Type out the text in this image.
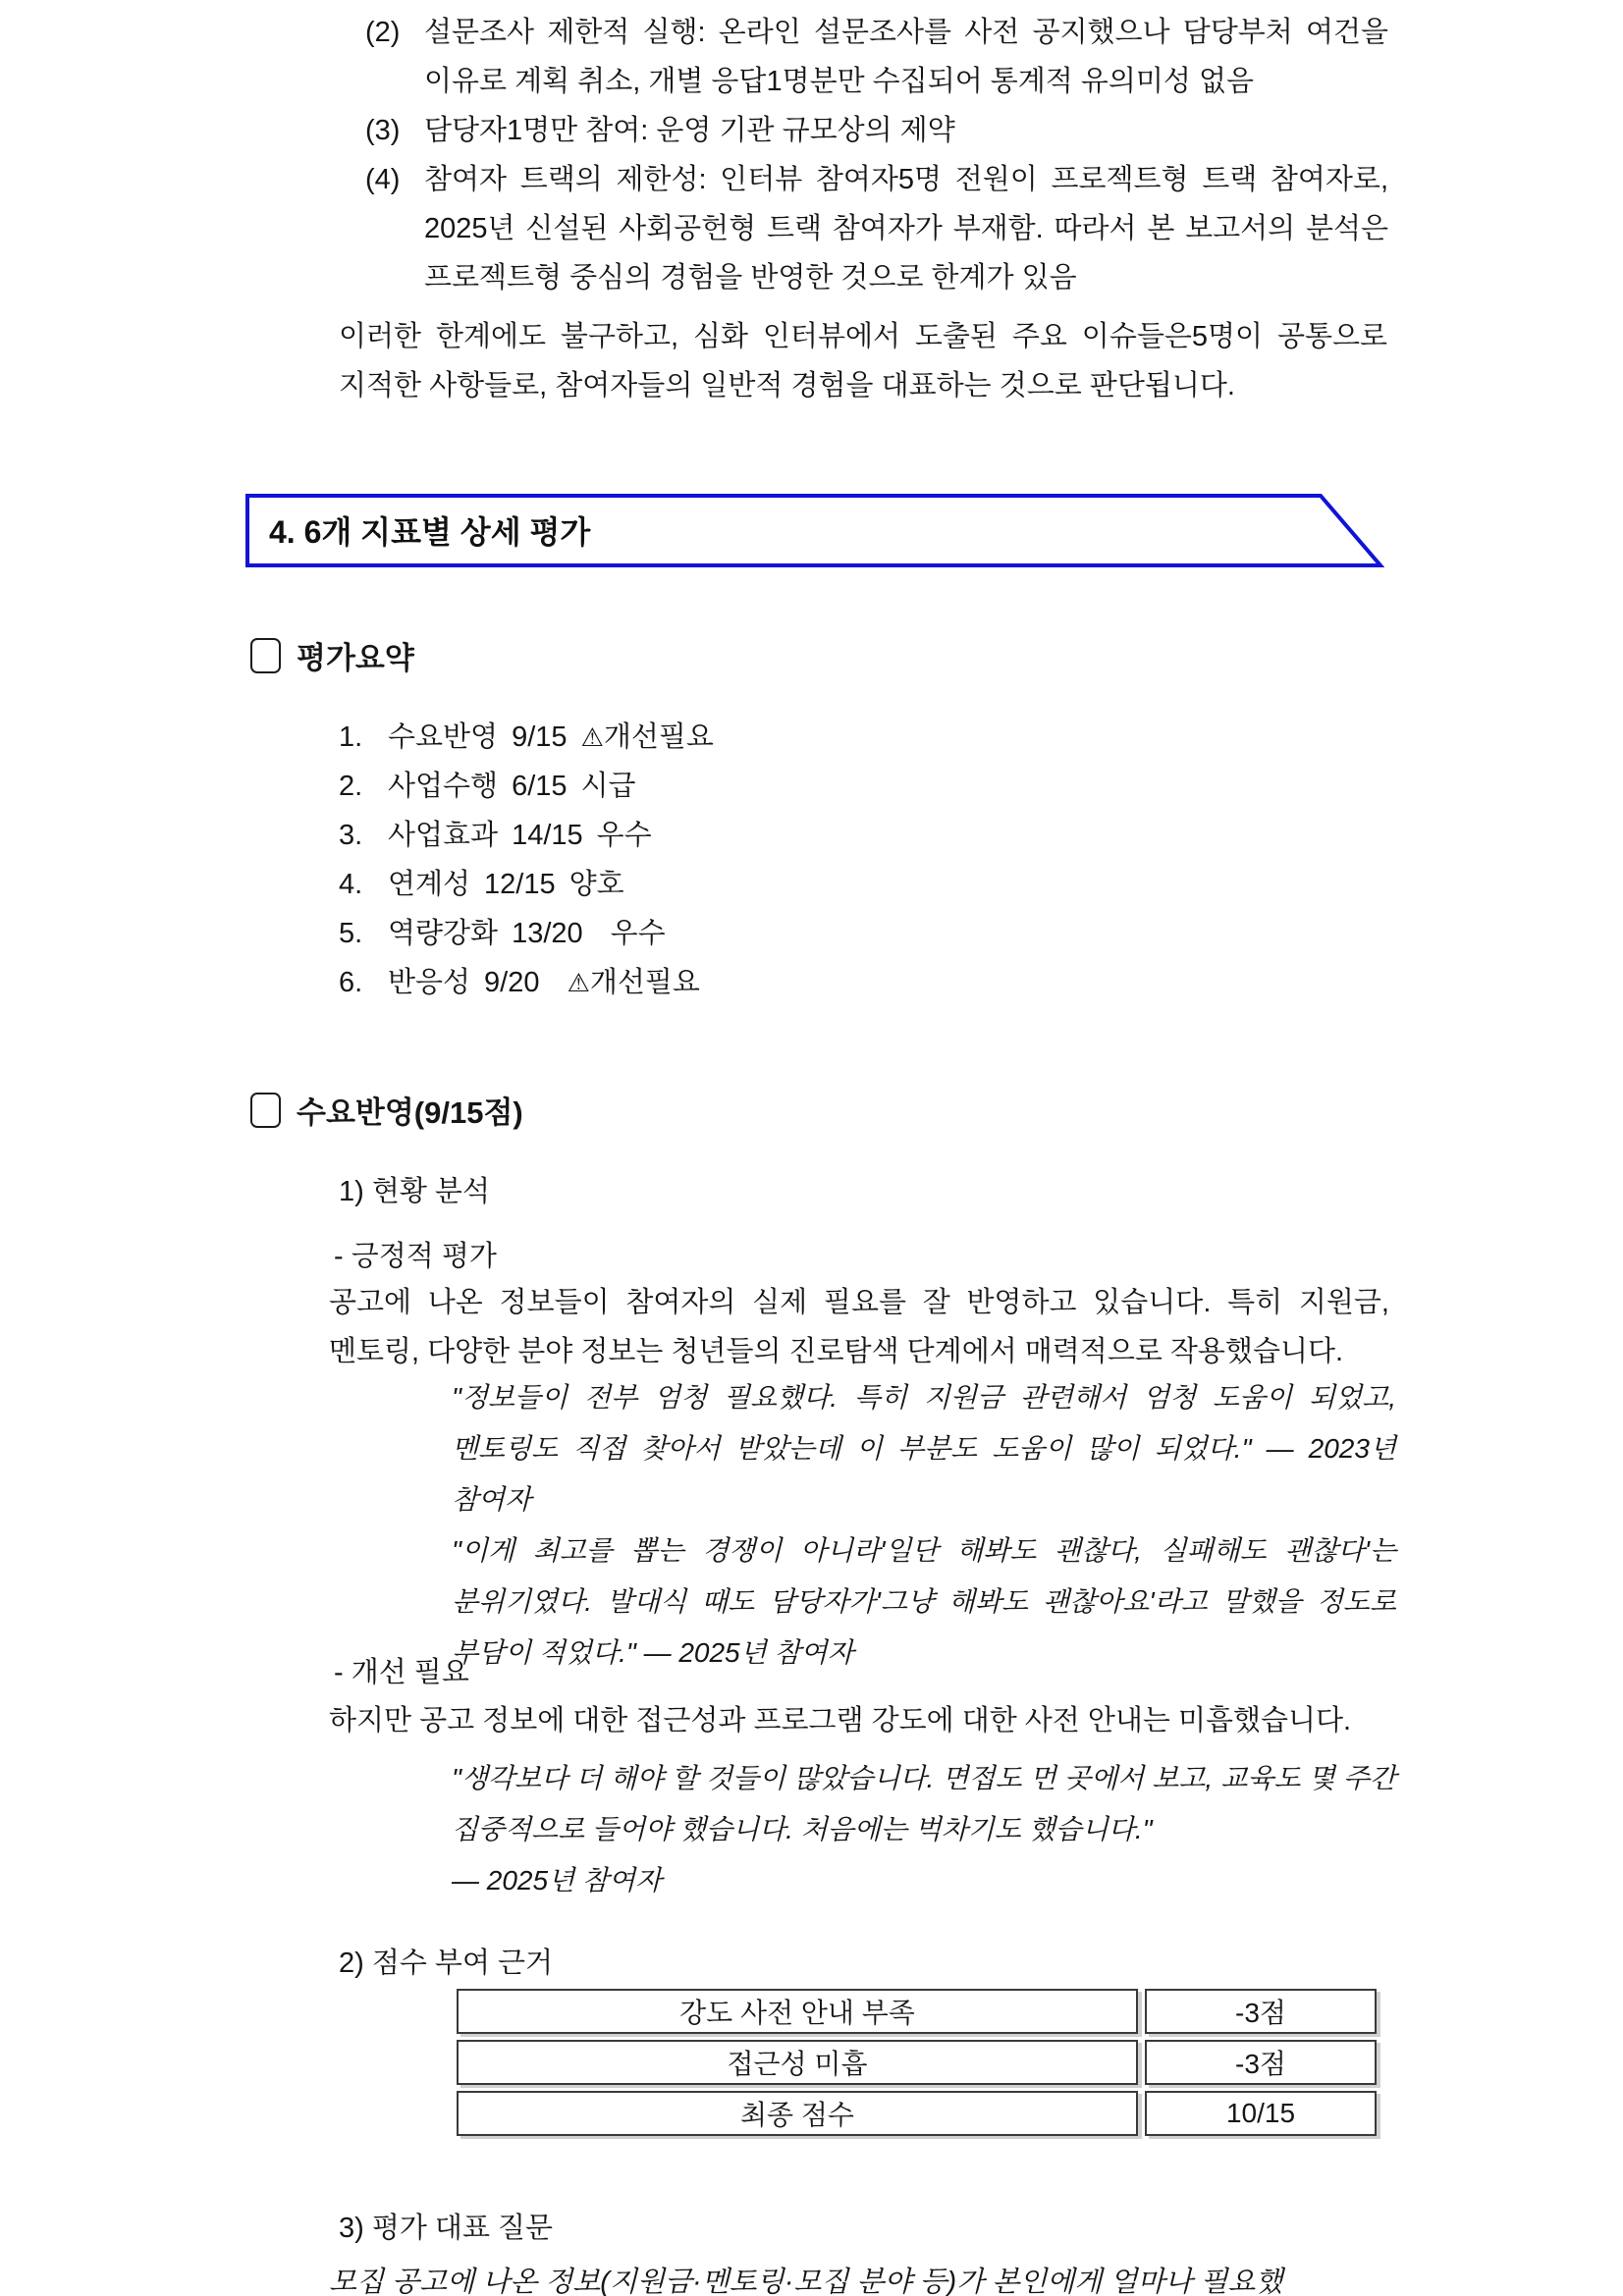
(2) 설문조사 제한적 실행: 온라인 설문조사를 사전 공지했으나 담당부처 여건을 이유로 계획 취소, 개별 응답1명분만 수집되어 통계적 유의미성 없음
(3) 담당자1명만 참여: 운영 기관 규모상의 제약
(4) 참여자 트랙의 제한성: 인터뷰 참여자5명 전원이 프로젝트형 트랙 참여자로, 2025년 신설된 사회공헌형 트랙 참여자가 부재함. 따라서 본 보고서의 분석은 프로젝트형 중심의 경험을 반영한 것으로 한계가 있음
이러한 한계에도 불구하고, 심화 인터뷰에서 도출된 주요 이슈들은5명이 공통으로 지적한 사항들로, 참여자들의 일반적 경험을 대표하는 것으로 판단됩니다.
4. 6개 지표별 상세 평가
평가요약
1. 수요반영 9/15 ⚠개선필요
2. 사업수행 6/15 시급
3. 사업효과 14/15 우수
4. 연계성 12/15 양호
5. 역량강화 13/20 우수
6. 반응성 9/20 ⚠개선필요
수요반영(9/15점)
1) 현황 분석
- 긍정적 평가
공고에 나온 정보들이 참여자의 실제 필요를 잘 반영하고 있습니다. 특히 지원금, 멘토링, 다양한 분야 정보는 청년들의 진로탐색 단계에서 매력적으로 작용했습니다.
"정보들이 전부 엄청 필요했다. 특히 지원금 관련해서 엄청 도움이 되었고, 멘토링도 직접 찾아서 받았는데 이 부분도 도움이 많이 되었다." — 2023년 참여자
"이게 최고를 뽑는 경쟁이 아니라'일단 해봐도 괜찮다, 실패해도 괜찮다'는 분위기였다. 발대식 때도 담당자가'그냥 해봐도 괜찮아요'라고 말했을 정도로 부담이 적었다." — 2025년 참여자
- 개선 필요
하지만 공고 정보에 대한 접근성과 프로그램 강도에 대한 사전 안내는 미흡했습니다.
"생각보다 더 해야 할 것들이 많았습니다. 면접도 먼 곳에서 보고, 교육도 몇 주간 집중적으로 들어야 했습니다. 처음에는 벅차기도 했습니다."
— 2025년 참여자
2) 점수 부여 근거
강도 사전 안내 부족	-3점
접근성 미흡	-3점
최종 점수	10/15
3) 평가 대표 질문
모집 공고에 나온 정보(지원금·멘토링·모집 분야 등)가 본인에게 얼마나 필요했
